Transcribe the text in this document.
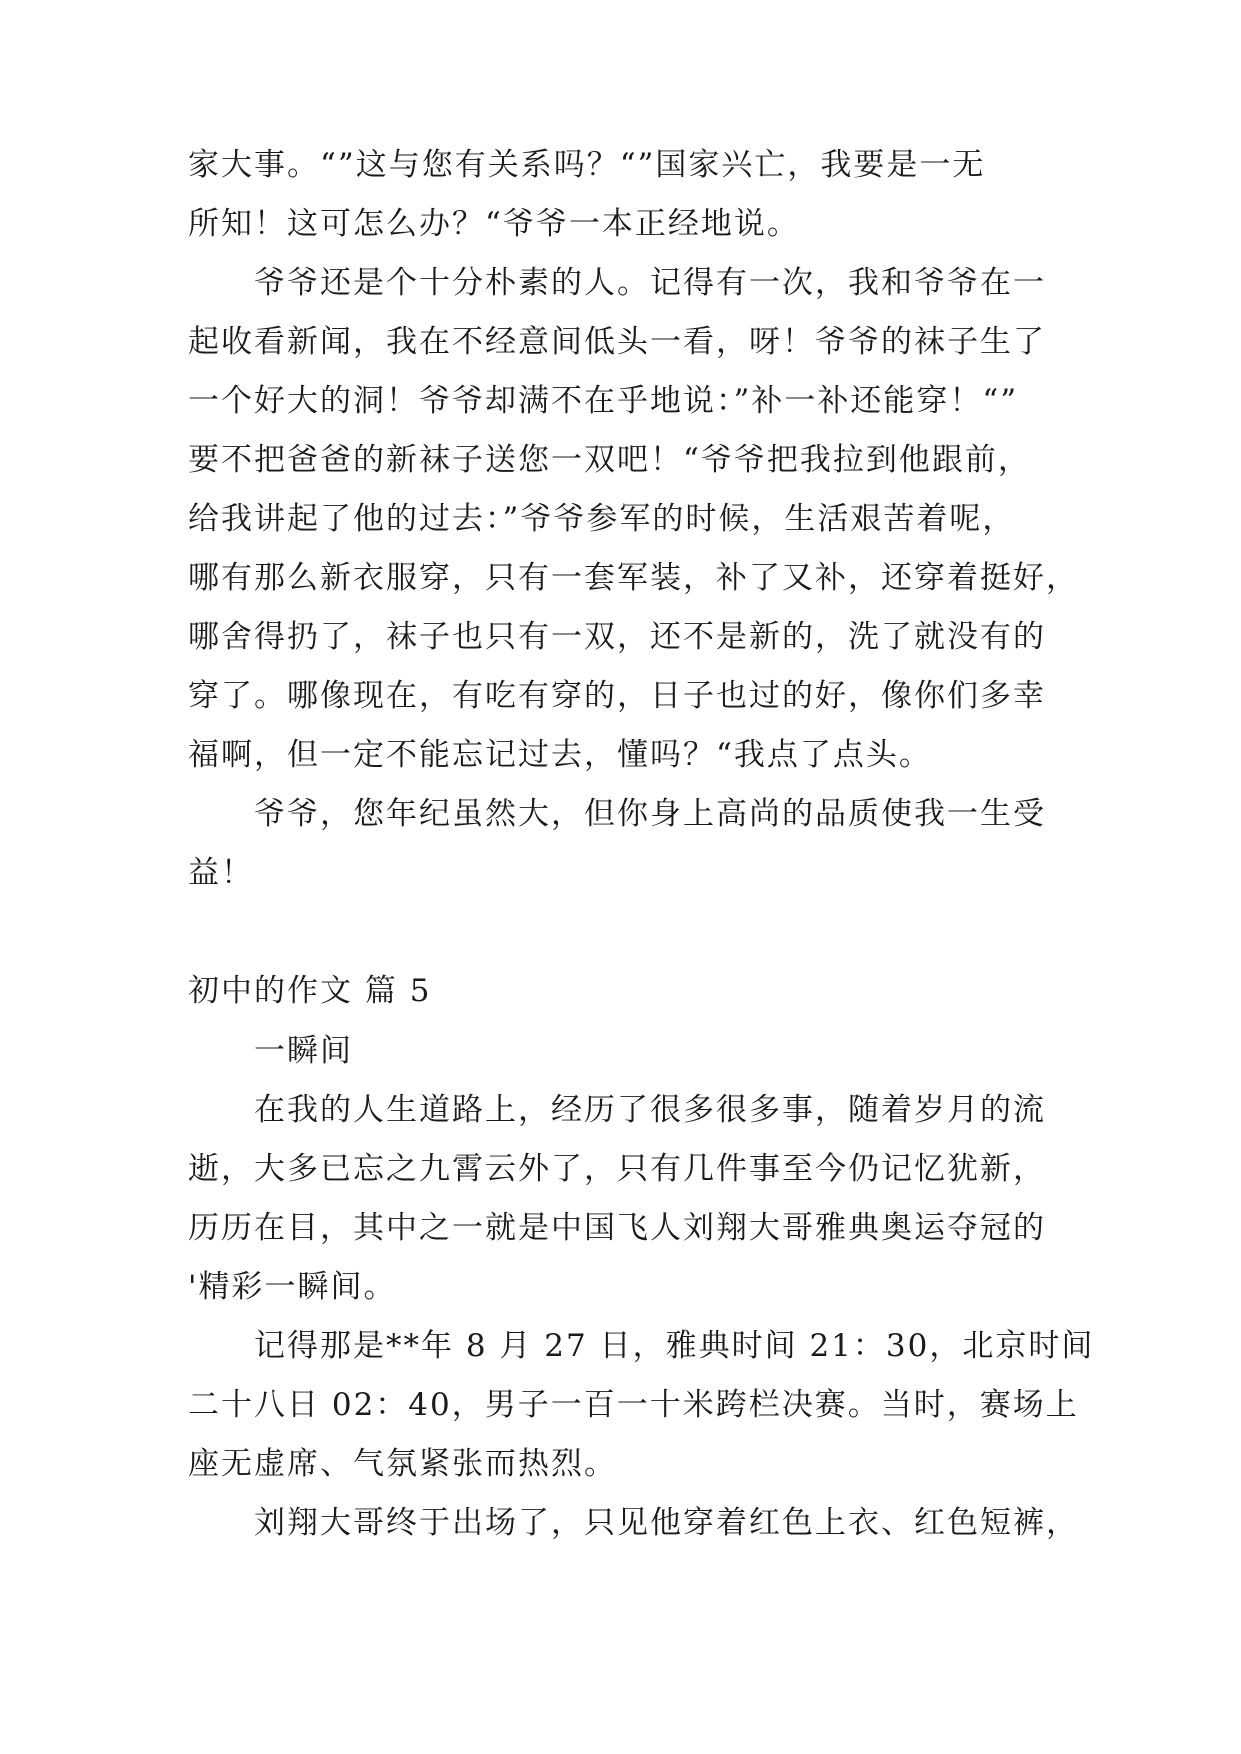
家大事。“”这与您有关系吗？“”国家兴亡，我要是一无
所知！这可怎么办？“爷爷一本正经地说。
爷爷还是个十分朴素的人。记得有一次，我和爷爷在一
起收看新闻，我在不经意间低头一看，呀！爷爷的袜子生了
一个好大的洞！爷爷却满不在乎地说：”补一补还能穿！“”
要不把爸爸的新袜子送您一双吧！“爷爷把我拉到他跟前，
给我讲起了他的过去：”爷爷参军的时候，生活艰苦着呢，
哪有那么新衣服穿，只有一套军装，补了又补，还穿着挺好，
哪舍得扔了，袜子也只有一双，还不是新的，洗了就没有的
穿了。哪像现在，有吃有穿的，日子也过的好，像你们多幸
福啊，但一定不能忘记过去，懂吗？“我点了点头。
爷爷，您年纪虽然大，但你身上高尚的品质使我一生受
益！
初中的作文 篇 5
一瞬间
在我的人生道路上，经历了很多很多事，随着岁月的流
逝，大多已忘之九霄云外了，只有几件事至今仍记忆犹新，
历历在目，其中之一就是中国飞人刘翔大哥雅典奥运夺冠的
'精彩一瞬间。
记得那是**年 8 月 27 日，雅典时间 21：30，北京时间
二十八日 02：40，男子一百一十米跨栏决赛。当时，赛场上
座无虚席、气氛紧张而热烈。
刘翔大哥终于出场了，只见他穿着红色上衣、红色短裤，
